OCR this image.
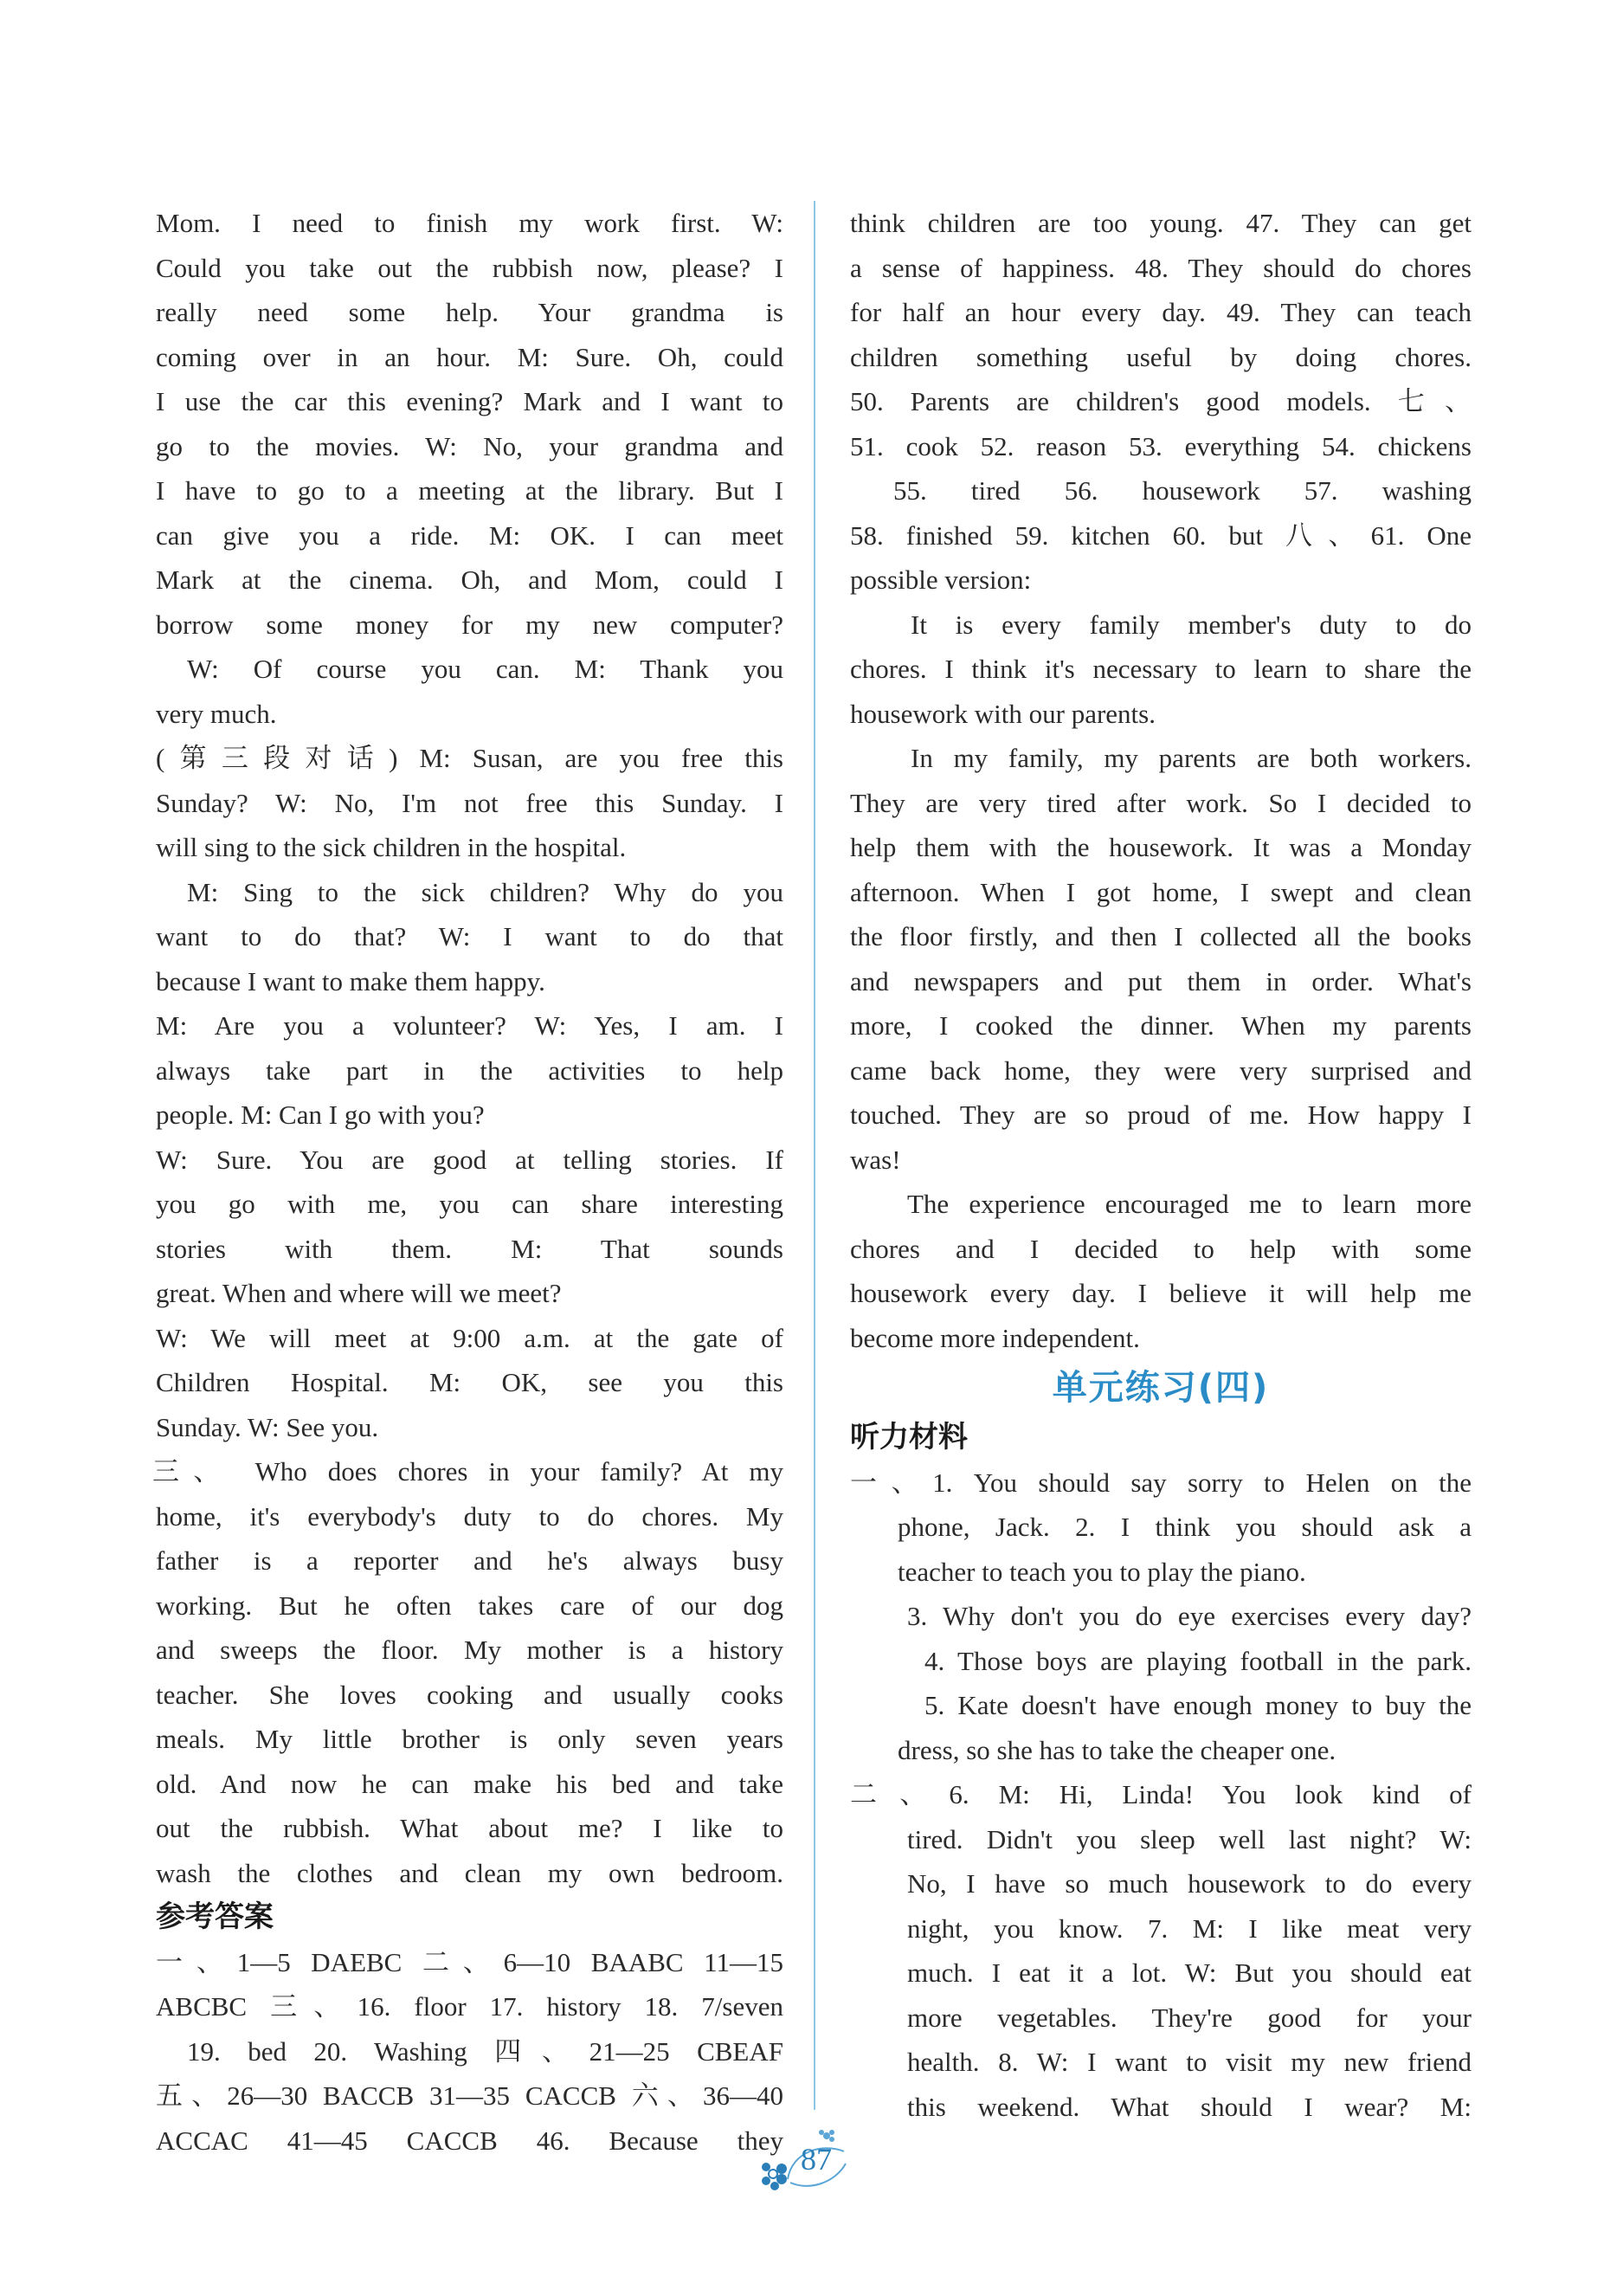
Mom. I need to finish my work first. W:
Could you take out the rubbish now, please? I
really need some help. Your grandma is
coming over in an hour. M: Sure. Oh, could
I use the car this evening? Mark and I want to
go to the movies. W: No, your grandma and
I have to go to a meeting at the library. But I
can give you a ride. M: OK. I can meet
Mark at the cinema. Oh, and Mom, could I
borrow some money for my new computer?
W: Of course you can. M: Thank you
very much.
(第三段对话) M: Susan, are you free this
Sunday? W: No, I'm not free this Sunday. I
will sing to the sick children in the hospital.
M: Sing to the sick children? Why do you
want to do that? W: I want to do that
because I want to make them happy.
M: Are you a volunteer? W: Yes, I am. I
always take part in the activities to help
people. M: Can I go with you?
W: Sure. You are good at telling stories. If
you go with me, you can share interesting
stories with them. M: That sounds
great. When and where will we meet?
W: We will meet at 9:00 a.m. at the gate of
Children Hospital. M: OK, see you this
Sunday. W: See you.
三、 Who does chores in your family? At my
home, it's everybody's duty to do chores. My
father is a reporter and he's always busy
working. But he often takes care of our dog
and sweeps the floor. My mother is a history
teacher. She loves cooking and usually cooks
meals. My little brother is only seven years
old. And now he can make his bed and take
out the rubbish. What about me? I like to
wash the clothes and clean my own bedroom.
参考答案
一、1—5 DAEBC 二、6—10 BAABC 11—15
ABCBC 三、16. floor 17. history 18. 7/seven
19. bed 20. Washing 四、21—25 CBEAF
五、26—30 BACCB 31—35 CACCB 六、36—40
ACCAC 41—45 CACCB 46. Because they
think children are too young. 47. They can get
a sense of happiness. 48. They should do chores
for half an hour every day. 49. They can teach
children something useful by doing chores.
50. Parents are children's good models. 七、
51. cook 52. reason 53. everything 54. chickens
55. tired 56. housework 57. washing
58. finished 59. kitchen 60. but 八、61. One
possible version:
It is every family member's duty to do
chores. I think it's necessary to learn to share the
housework with our parents.
In my family, my parents are both workers.
They are very tired after work. So I decided to
help them with the housework. It was a Monday
afternoon. When I got home, I swept and clean
the floor firstly, and then I collected all the books
and newspapers and put them in order. What's
more, I cooked the dinner. When my parents
came back home, they were very surprised and
touched. They are so proud of me. How happy I
was!
The experience encouraged me to learn more
chores and I decided to help with some
housework every day. I believe it will help me
become more independent.
单元练习(四)
听力材料
一、1. You should say sorry to Helen on the
phone, Jack. 2. I think you should ask a
teacher to teach you to play the piano.
3. Why don't you do eye exercises every day?
4. Those boys are playing football in the park.
5. Kate doesn't have enough money to buy the
dress, so she has to take the cheaper one.
二、6. M: Hi, Linda! You look kind of
tired. Didn't you sleep well last night? W:
No, I have so much housework to do every
night, you know. 7. M: I like meat very
much. I eat it a lot. W: But you should eat
more vegetables. They're good for your
health. 8. W: I want to visit my new friend
this weekend. What should I wear? M:
87
